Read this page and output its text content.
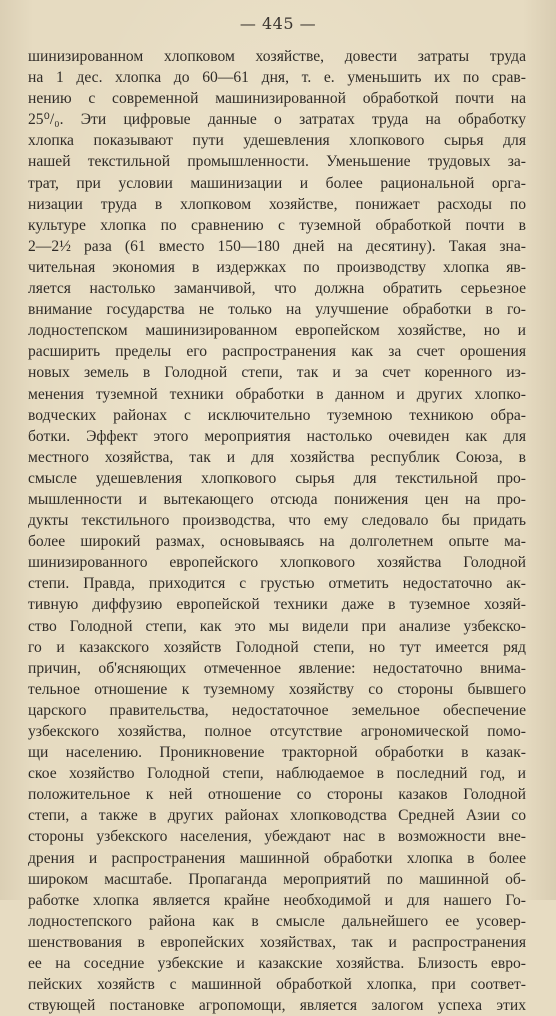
— 445 —
шинизированном хлопковом хозяйстве, довести затраты труда
на 1 дес. хлопка до 60—61 дня, т. е. уменьшить их по срав-
нению с современной машинизированной обработкой почти на
25⁰/₀. Эти цифровые данные о затратах труда на обработку
хлопка показывают пути удешевления хлопкового сырья для
нашей текстильной промышленности. Уменьшение трудовых за-
трат, при условии машинизации и более рациональной орга-
низации труда в хлопковом хозяйстве, понижает расходы по
культуре хлопка по сравнению с туземной обработкой почти в
2—2½ раза (61 вместо 150—180 дней на десятину). Такая зна-
чительная экономия в издержках по производству хлопка яв-
ляется настолько заманчивой, что должна обратить серьезное
внимание государства не только на улучшение обработки в го-
лодностепском машинизированном европейском хозяйстве, но и
расширить пределы его распространения как за счет орошения
новых земель в Голодной степи, так и за счет коренного из-
менения туземной техники обработки в данном и других хлопко-
водческих районах с исключительно туземною техникою обра-
ботки. Эффект этого мероприятия настолько очевиден как для
местного хозяйства, так и для хозяйства республик Союза, в
смысле удешевления хлопкового сырья для текстильной про-
мышленности и вытекающего отсюда понижения цен на про-
дукты текстильного производства, что ему следовало бы придать
более широкий размах, основываясь на долголетнем опыте ма-
шинизированного европейского хлопкового хозяйства Голодной
степи. Правда, приходится с грустью отметить недостаточно ак-
тивную диффузию европейской техники даже в туземное хозяй-
ство Голодной степи, как это мы видели при анализе узбекско-
го и казакского хозяйств Голодной степи, но тут имеется ряд
причин, об'ясняющих отмеченное явление: недостаточно внима-
тельное отношение к туземному хозяйству со стороны бывшего
царского правительства, недостаточное земельное обеспечение
узбекского хозяйства, полное отсутствие агрономической помо-
щи населению. Проникновение тракторной обработки в казак-
ское хозяйство Голодной степи, наблюдаемое в последний год, и
положительное к ней отношение со стороны казаков Голодной
степи, а также в других районах хлопководства Средней Азии со
стороны узбекского населения, убеждают нас в возможности вне-
дрения и распространения машинной обработки хлопка в более
широком масштабе. Пропаганда мероприятий по машинной об-
работке хлопка является крайне необходимой и для нашего Го-
лодностепского района как в смысле дальнейшего ее усовер-
шенствования в европейских хозяйствах, так и распространения
ее на соседние узбекские и казакские хозяйства. Близость евро-
пейских хозяйств с машинной обработкой хлопка, при соответ-
ствующей постановке агропомощи, является залогом успеха этих
